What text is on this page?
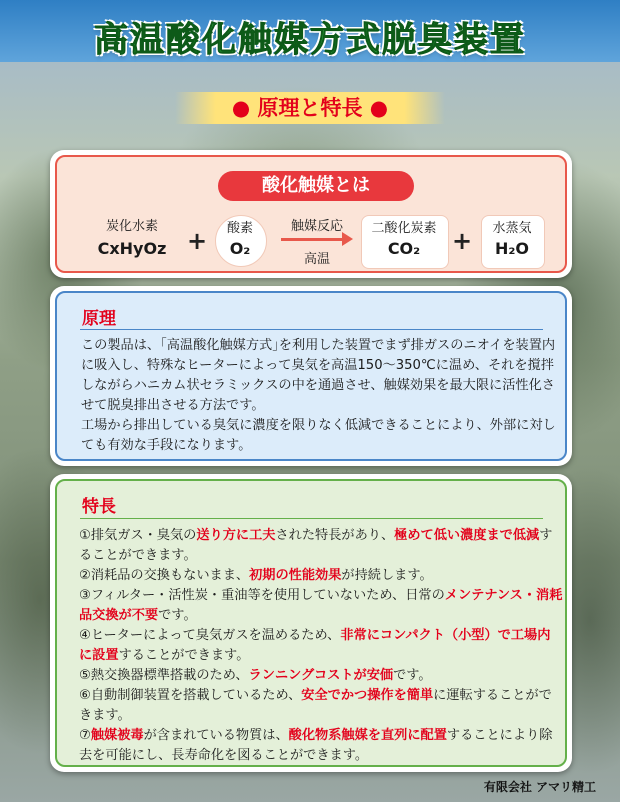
高温酸化触媒方式脱臭装置
● 原理と特長 ●
酸化触媒とは
炭化水素
CxHyOz +	酸素
O₂
触媒反応
高温
二酸化炭素
CO₂	+	水蒸気
H₂O
原理
この製品は、｢高温酸化触媒方式｣を利用した装置でまず排ガスのニオイを装置内に吸入し、特殊なヒーターによって臭気を高温150～350℃に温め、それを撹拌しながらハニカム状セラミックスの中を通過させ、触媒効果を最大限に活性化させて脱臭排出させる方法です。
工場から排出している臭気に濃度を限りなく低減できることにより、外部に対しても有効な手段になります。
特長
①排気ガス・臭気の送り方に工夫された特長があり、極めて低い濃度まで低減することができます。
②消耗品の交換もないまま、初期の性能効果が持続します。
③フィルター・活性炭・重油等を使用していないため、日常のメンテナンス・消耗品交換が不要です。
④ヒーターによって臭気ガスを温めるため、非常にコンパクト（小型）で工場内に設置することができます。
⑤熱交換器標準搭載のため、ランニングコストが安価です。
⑥自動制御装置を搭載しているため、安全でかつ操作を簡単に運転することができます。
⑦触媒被毒が含まれている物質は、酸化物系触媒を直列に配置することにより除去を可能にし、長寿命化を図ることができます。
有限会社 アマリ精工
